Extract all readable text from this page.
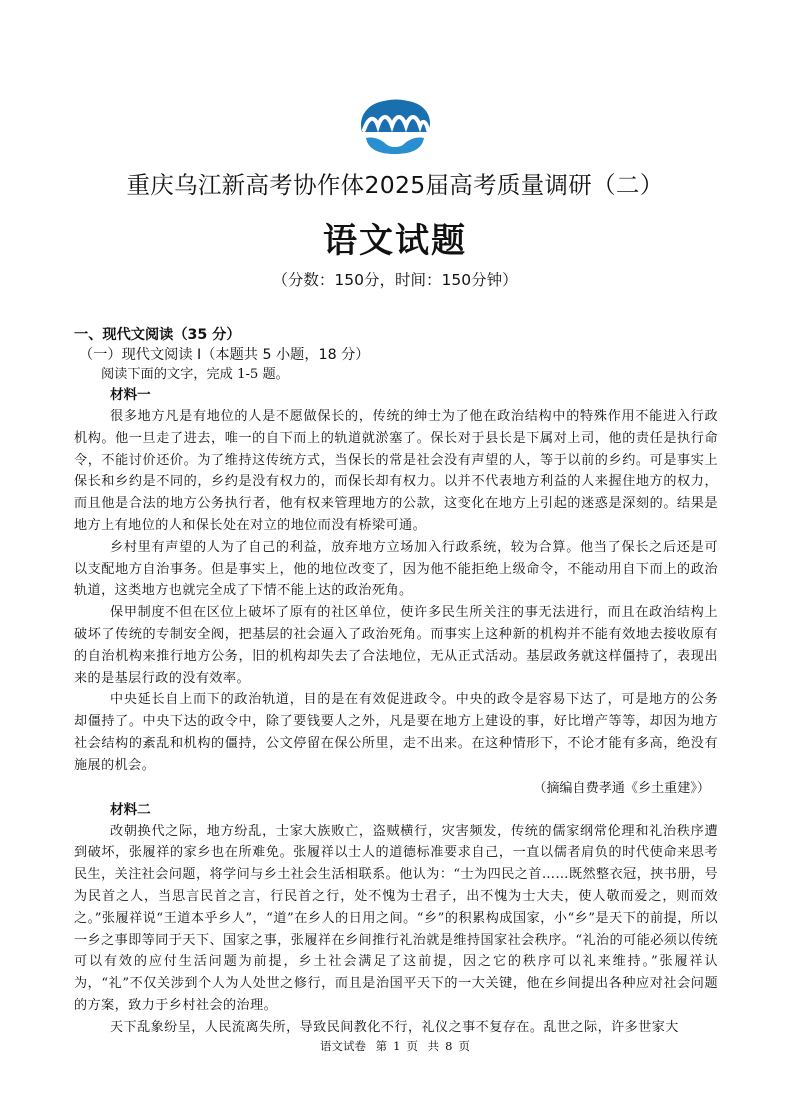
重庆乌江新高考协作体2025届高考质量调研（二）
语文试题
（分数：150分，时间：150分钟）
一、现代文阅读（35 分）
（一）现代文阅读 I（本题共 5 小题，18 分）
阅读下面的文字，完成 1-5 题。
材料一

很多地方凡是有地位的人是不愿做保长的，传统的绅士为了他在政治结构中的特殊作用不能进入行政机构。他一旦走了进去，唯一的自下而上的轨道就淤塞了。保长对于县长是下属对上司，他的责任是执行命令，不能讨价还价。为了维持这传统方式，当保长的常是社会没有声望的人，等于以前的乡约。可是事实上保长和乡约是不同的，乡约是没有权力的，而保长却有权力。以并不代表地方利益的人来握住地方的权力，而且他是合法的地方公务执行者，他有权来管理地方的公款，这变化在地方上引起的迷惑是深刻的。结果是地方上有地位的人和保长处在对立的地位而没有桥梁可通。

乡村里有声望的人为了自己的利益，放弃地方立场加入行政系统，较为合算。他当了保长之后还是可以支配地方自治事务。但是事实上，他的地位改变了，因为他不能拒绝上级命令，不能动用自下而上的政治轨道，这类地方也就完全成了下情不能上达的政治死角。

保甲制度不但在区位上破坏了原有的社区单位，使许多民生所关注的事无法进行，而且在政治结构上破坏了传统的专制安全阀，把基层的社会逼入了政治死角。而事实上这种新的机构并不能有效地去接收原有的自治机构来推行地方公务，旧的机构却失去了合法地位，无从正式活动。基层政务就这样僵持了，表现出来的是基层行政的没有效率。

中央延长自上而下的政治轨道，目的是在有效促进政令。中央的政令是容易下达了，可是地方的公务却僵持了。中央下达的政令中，除了要钱要人之外，凡是要在地方上建设的事，好比增产等等，却因为地方社会结构的紊乱和机构的僵持，公文停留在保公所里，走不出来。在这种情形下，不论才能有多高，绝没有施展的机会。

（摘编自费孝通《乡土重建》）
材料二

改朝换代之际，地方纷乱，士家大族败亡，盗贼横行，灾害频发，传统的儒家纲常伦理和礼治秩序遭到破坏，张履祥的家乡也在所难免。张履祥以士人的道德标准要求自己，一直以儒者肩负的时代使命来思考民生，关注社会问题，将学问与乡土社会生活相联系。他认为：“士为四民之首……既然整衣冠，挟书册，号为民首之人，当思言民首之言，行民首之行，处不愧为士君子，出不愧为士大夫，使人敬而爱之，则而效之。”张履祥说“王道本乎乡人”，“道”在乡人的日用之间。“乡”的积累构成国家，小“乡”是天下的前提，所以一乡之事即等同于天下、国家之事，张履祥在乡间推行礼治就是维持国家社会秩序。“礼治的可能必须以传统可以有效的应付生活问题为前提，乡土社会满足了这前提，因之它的秩序可以礼来维持。”张履祥认为，“礼”不仅关涉到个人为人处世之修行，而且是治国平天下的一大关键，他在乡间提出各种应对社会问题的方案，致力于乡村社会的治理。

天下乱象纷呈，人民流离失所，导致民间教化不行，礼仪之事不复存在。乱世之际，许多世家大

语文试卷 第 1 页 共 8 页
